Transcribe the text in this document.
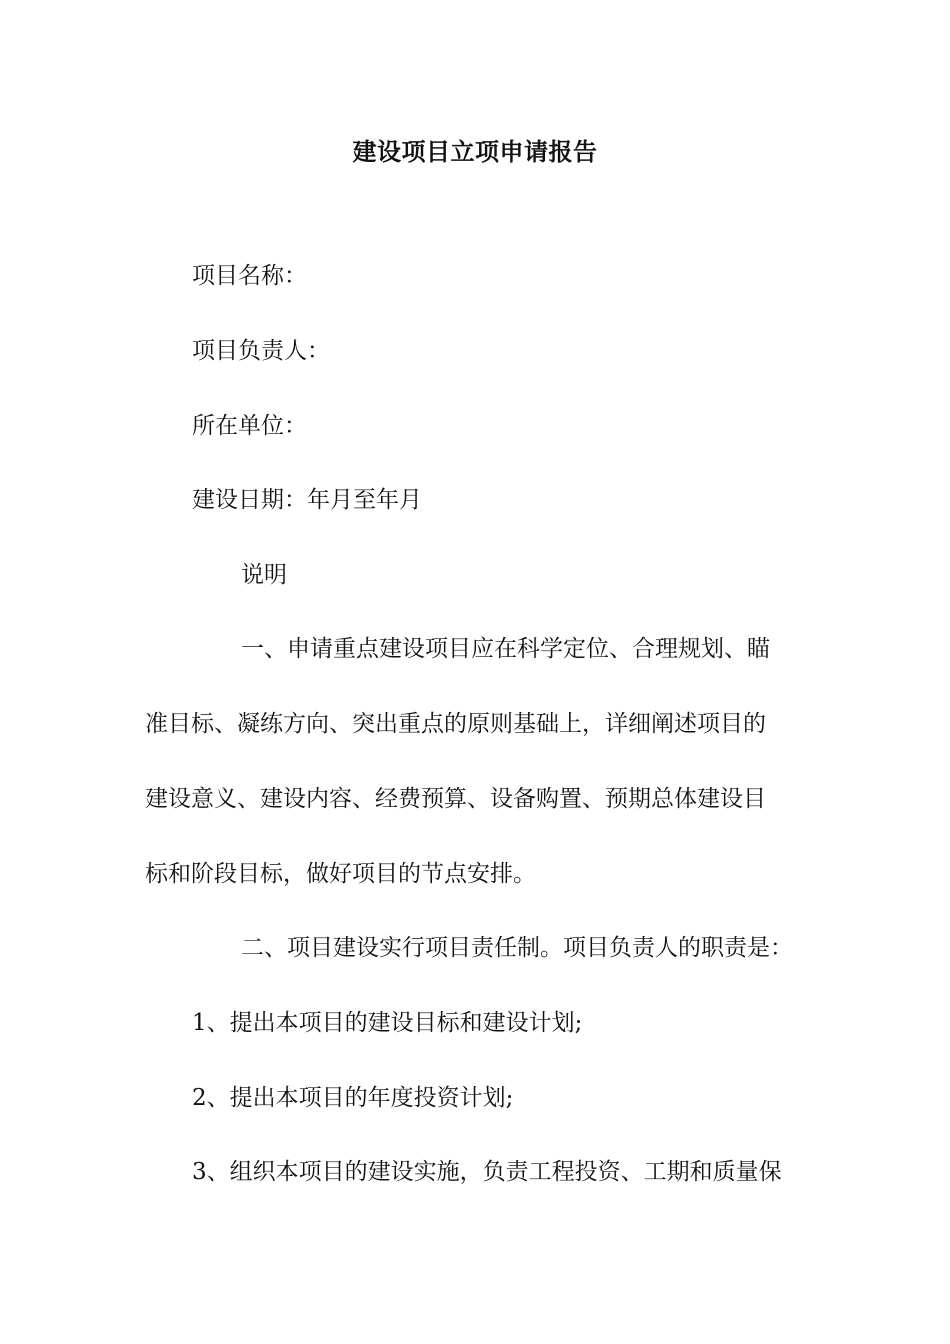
建设项目立项申请报告
项目名称：
项目负责人：
所在单位：
建设日期：年月至年月
说明
一、申请重点建设项目应在科学定位、合理规划、瞄
准目标、凝练方向、突出重点的原则基础上，详细阐述项目的
建设意义、建设内容、经费预算、设备购置、预期总体建设目
标和阶段目标，做好项目的节点安排。
二、项目建设实行项目责任制。项目负责人的职责是：
1、提出本项目的建设目标和建设计划;
2、提出本项目的年度投资计划;
3、组织本项目的建设实施，负责工程投资、工期和质量保
